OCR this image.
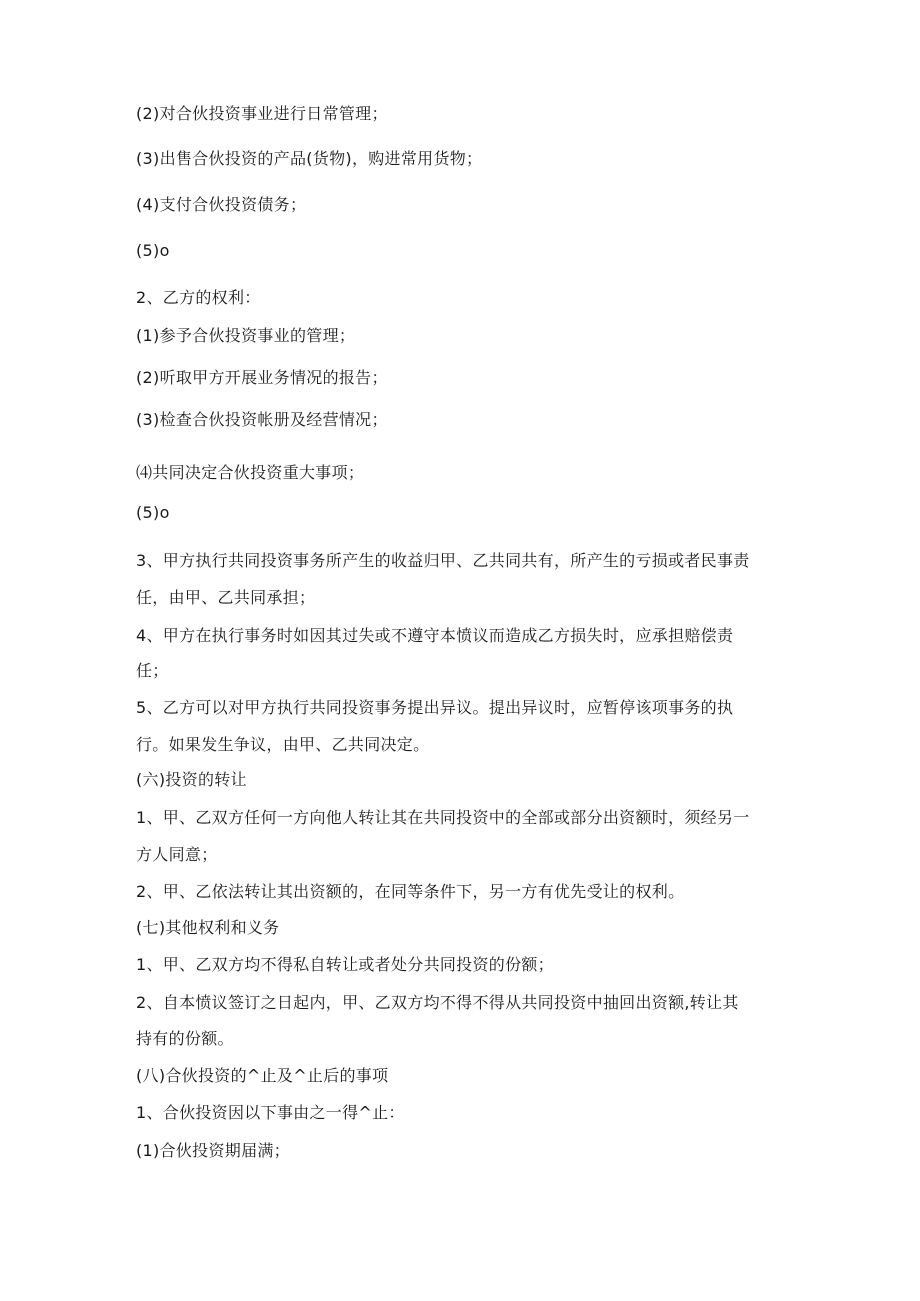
(2)对合伙投资事业进行日常管理；
(3)出售合伙投资的产品(货物)，购进常用货物；
(4)支付合伙投资债务；
(5)o
2、乙方的权利：
(1)参予合伙投资事业的管理；
(2)听取甲方开展业务情况的报告；
(3)检查合伙投资帐册及经营情况；
⑷共同决定合伙投资重大事项；
(5)o
3、甲方执行共同投资事务所产生的收益归甲、乙共同共有，所产生的亏损或者民事责
任，由甲、乙共同承担；
4、甲方在执行事务时如因其过失或不遵守本愤议而造成乙方损失时，应承担赔偿责
任；
5、乙方可以对甲方执行共同投资事务提出异议。提出异议时，应暂停该项事务的执
行。如果发生争议，由甲、乙共同决定。
(六)投资的转让
1、甲、乙双方任何一方向他人转让其在共同投资中的全部或部分出资额时，须经另一
方人同意；
2、甲、乙依法转让其出资额的，在同等条件下，另一方有优先受让的权利。
(七)其他权利和义务
1、甲、乙双方均不得私自转让或者处分共同投资的份额；
2、自本愤议签订之日起内，甲、乙双方均不得不得从共同投资中抽回出资额,转让其
持有的份额。
(八)合伙投资的^止及^止后的事项
1、合伙投资因以下事由之一得^止：
(1)合伙投资期届满；
